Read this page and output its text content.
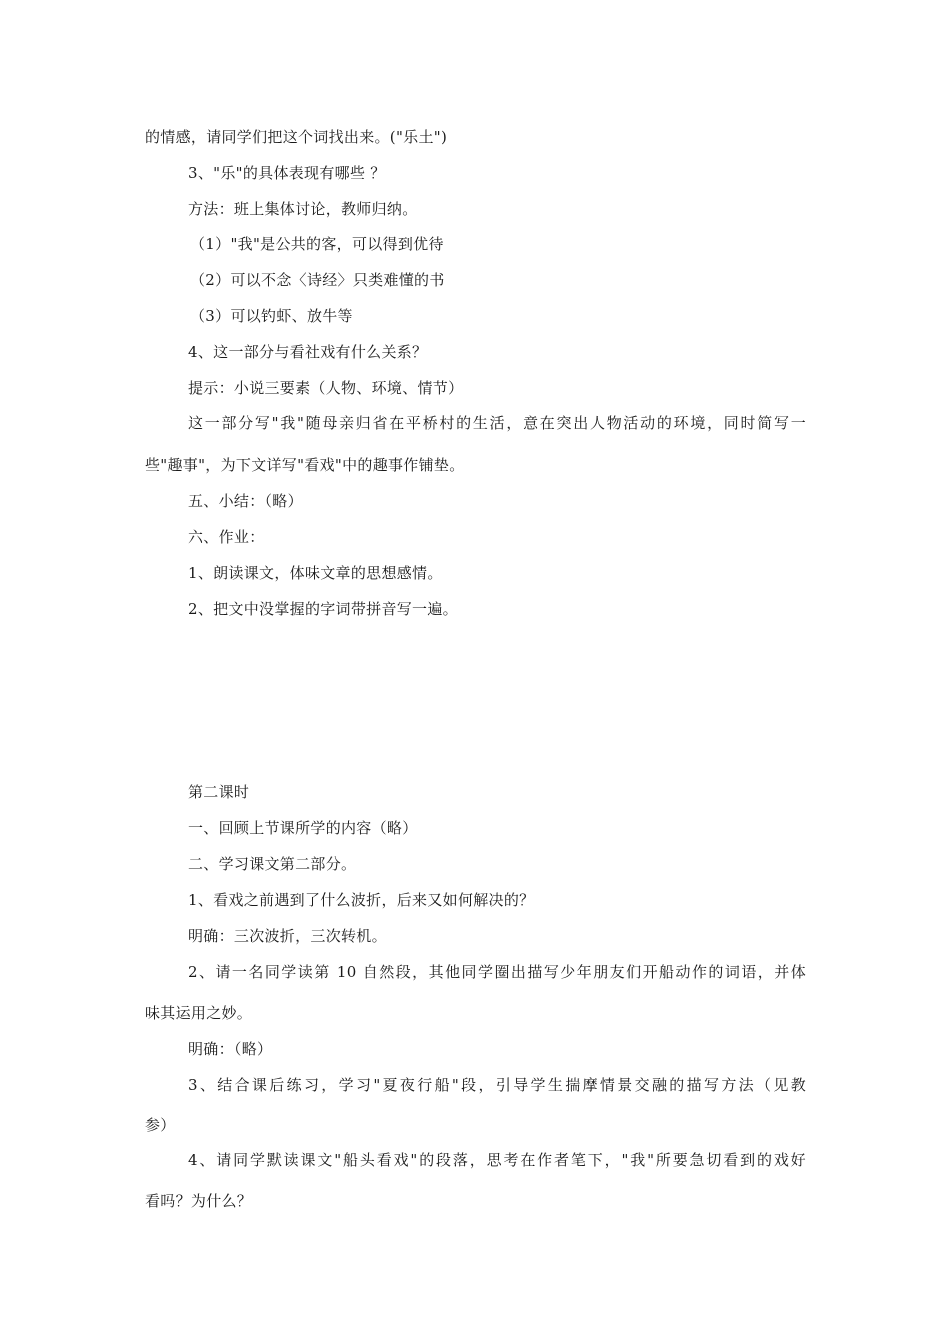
的情感，请同学们把这个词找出来。("乐土")
3、"乐"的具体表现有哪些 ？
方法：班上集体讨论，教师归纳。
（1）"我"是公共的客，可以得到优待
（2）可以不念〈诗经〉只类难懂的书
（3）可以钓虾、放牛等
4、这一部分与看社戏有什么关系？
提示：小说三要素（人物、环境、情节）
这一部分写"我"随母亲归省在平桥村的生活，意在突出人物活动的环境，同时简写一
些"趣事"，为下文详写"看戏"中的趣事作铺垫。
五、小结：（略）
六、作业：
1、朗读课文，体味文章的思想感情。
2、把文中没掌握的字词带拼音写一遍。
第二课时
一、回顾上节课所学的内容（略）
二、学习课文第二部分。
1、看戏之前遇到了什么波折，后来又如何解决的？
明确：三次波折，三次转机。
2、请一名同学读第 10 自然段，其他同学圈出描写少年朋友们开船动作的词语，并体
味其运用之妙。
明确：（略）
3、结合课后练习，学习"夏夜行船"段，引导学生揣摩情景交融的描写方法（见教
参）
4、请同学默读课文"船头看戏"的段落，思考在作者笔下，"我"所要急切看到的戏好
看吗？为什么？
